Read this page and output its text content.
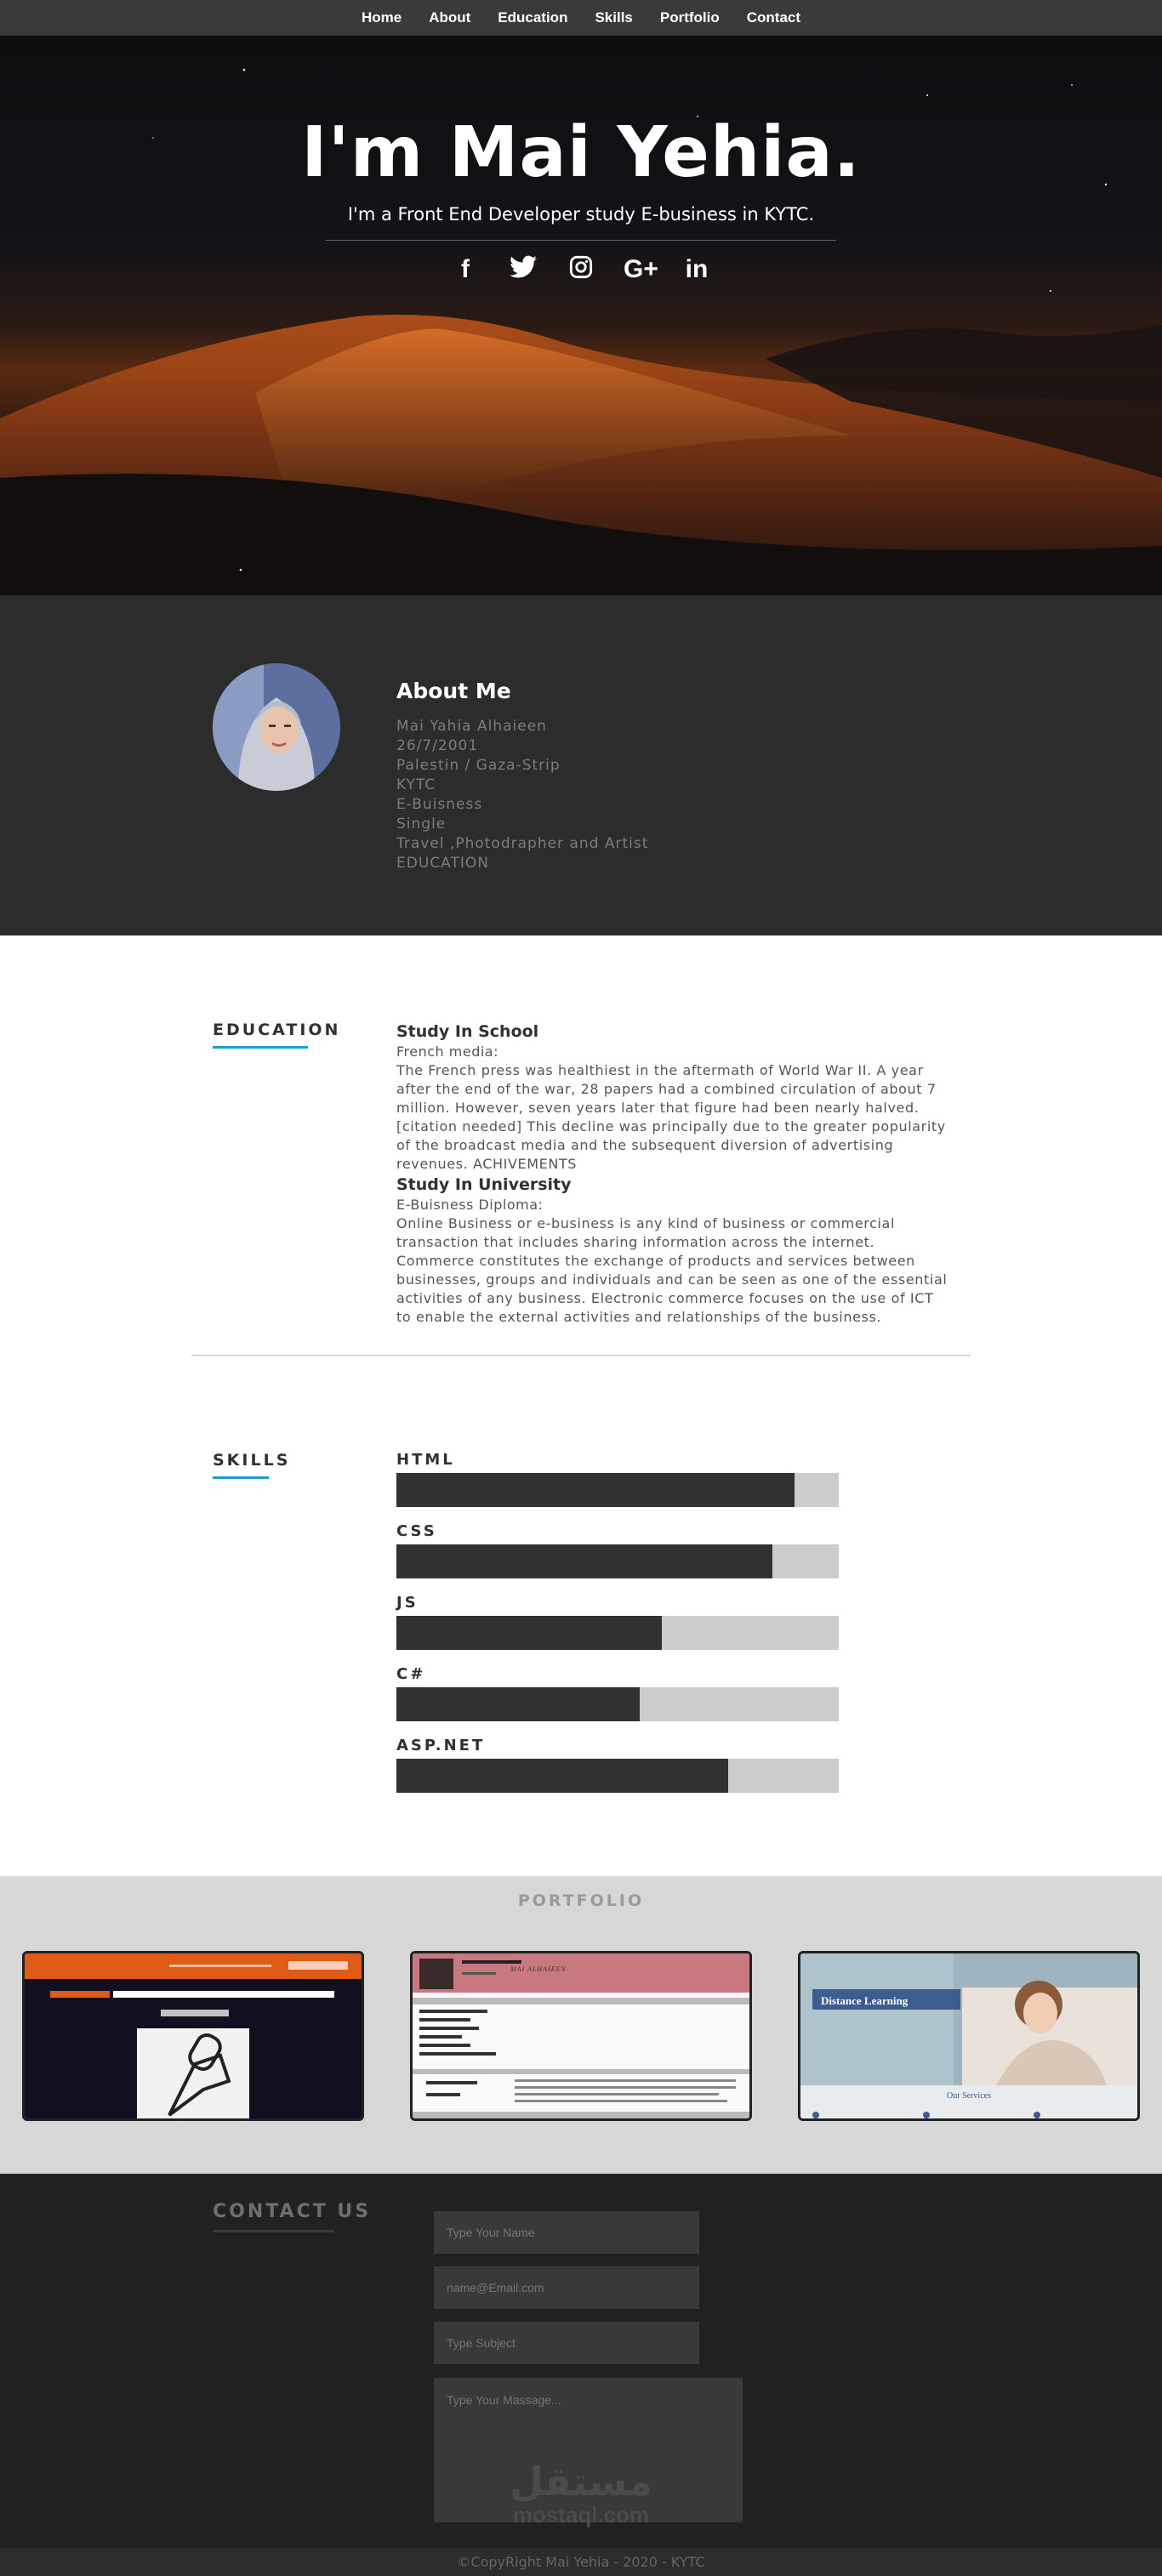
Home	About	Education	Skills	Portfolio	Contact
I'm Mai Yehia.

I'm a Front End Developer study E-business in KYTC.

f	G+ in
About Me
Mai Yahia Alhaieen
26/7/2001
Palestin / Gaza-Strip
KYTC
E-Buisness
Single
Travel ,Photodrapher and Artist
EDUCATION
EDUCATION	Study In School
French media:

The French press was healthiest in the aftermath of World War II. A year after the end of the war, 28 papers had a combined circulation of about 7 million. However, seven years later that figure had been nearly halved.[citation needed] This decline was principally due to the greater popularity of the broadcast media and the subsequent diversion of advertising revenues. ACHIVEMENTS

Study In University
E-Buisness Diploma:

Online Business or e-business is any kind of business or commercial transaction that includes sharing information across the internet. Commerce constitutes the exchange of products and services between businesses, groups and individuals and can be seen as one of the essential activities of any business. Electronic commerce focuses on the use of ICT to enable the external activities and relationships of the business.

SKILLS	HTML
CSS
JS
C#
ASP.NET
PORTFOLIO
Distance Learning
Our Services
MAI ALHAIEEN
CONTACT US
Type Your Name
name@Email.com
Type Subject
Type Your Massage...
مستقل
mostaql.com
©CopyRight Mai Yehia - 2020 - KYTC
